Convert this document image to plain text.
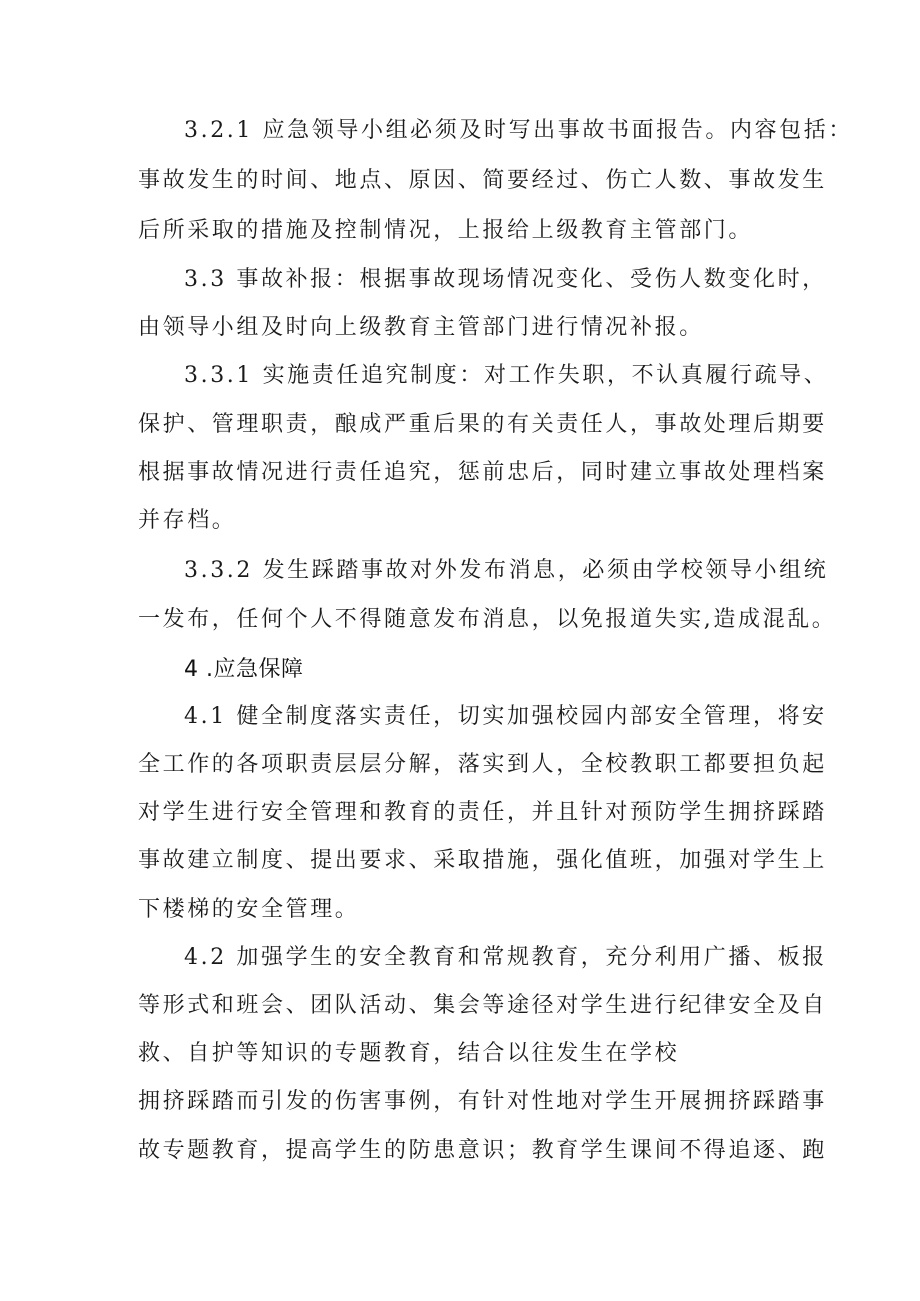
3.2.1 应急领导小组必须及时写出事故书面报告。内容包括：
事故发生的时间、地点、原因、简要经过、伤亡人数、事故发生
后所采取的措施及控制情况，上报给上级教育主管部门。
3.3 事故补报：根据事故现场情况变化、受伤人数变化时，
由领导小组及时向上级教育主管部门进行情况补报。
3.3.1 实施责任追究制度：对工作失职，不认真履行疏导、
保护、管理职责，酿成严重后果的有关责任人，事故处理后期要
根据事故情况进行责任追究，惩前忠后，同时建立事故处理档案
并存档。
3.3.2 发生踩踏事故对外发布消息，必须由学校领导小组统
一发布，任何个人不得随意发布消息，以免报道失实,造成混乱。
4 .应急保障
4.1 健全制度落实责任，切实加强校园内部安全管理，将安
全工作的各项职责层层分解，落实到人，全校教职工都要担负起
对学生进行安全管理和教育的责任，并且针对预防学生拥挤踩踏
事故建立制度、提出要求、采取措施，强化值班，加强对学生上
下楼梯的安全管理。
4.2 加强学生的安全教育和常规教育，充分利用广播、板报
等形式和班会、团队活动、集会等途径对学生进行纪律安全及自
救、自护等知识的专题教育，结合以往发生在学校
拥挤踩踏而引发的伤害事例，有针对性地对学生开展拥挤踩踏事
故专题教育，提高学生的防患意识；教育学生课间不得追逐、跑
